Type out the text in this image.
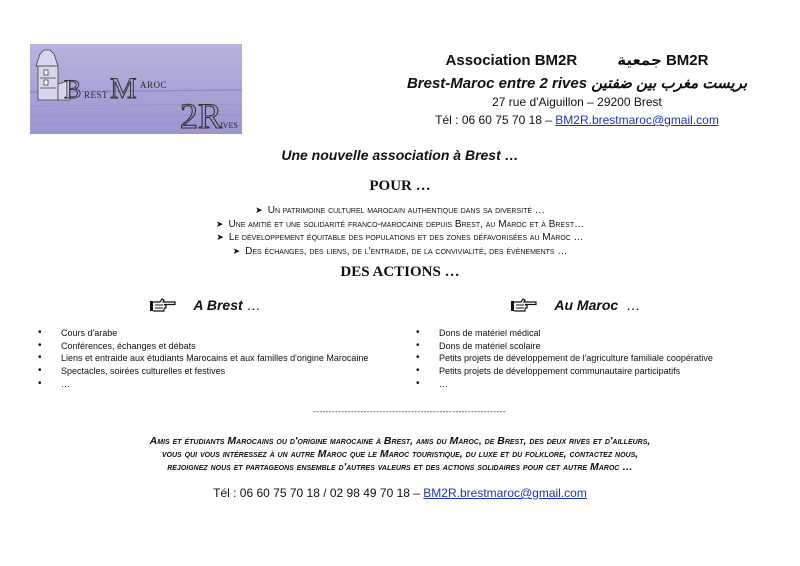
B REST M AROC
2R
IVES
Association BM2R	BM2R جمعية
Brest-Maroc entre 2 rives بريست مغرب بين ضفتين
27 rue d'Aiguillon – 29200 Brest
Tél : 06 60 75 70 18 – BM2R.brestmaroc@gmail.com
Une nouvelle association à Brest …
POUR …
➤ Un patrimoine culturel marocain authentique dans sa diversité …
➤ Une amitié et une solidarité franco-marocaine depuis Brest, au Maroc et à Brest…
➤ Le développement équitable des populations et des zones défavorisées au Maroc …
➤ Des échanges, des liens, de l'entraide, de la convivialité, des évènements …
DES ACTIONS …
A Brest …	Au Maroc …
• Cours d'arabe
• Conférences, échanges et débats
• Liens et entraide aux étudiants Marocains et aux familles d'origine Marocaine
• Spectacles, soirées culturelles et festives
• …
• Dons de matériel médical
• Dons de matériel scolaire
• Petits projets de développement de l'agriculture familiale coopérative
• Petits projets de développement communautaire participatifs
• …
-------------------------------------------------------------
Amis et étudiants Marocains ou d'origine marocaine à Brest, amis du Maroc, de Brest, des deux rives et d'ailleurs,
vous qui vous intéressez à un autre Maroc que le Maroc touristique, du luxe et du folklore, contactez nous,
rejoignez nous et partageons ensemble d'autres valeurs et des actions solidaires pour cet autre Maroc …
Tél : 06 60 75 70 18 / 02 98 49 70 18 – BM2R.brestmaroc@gmail.com
